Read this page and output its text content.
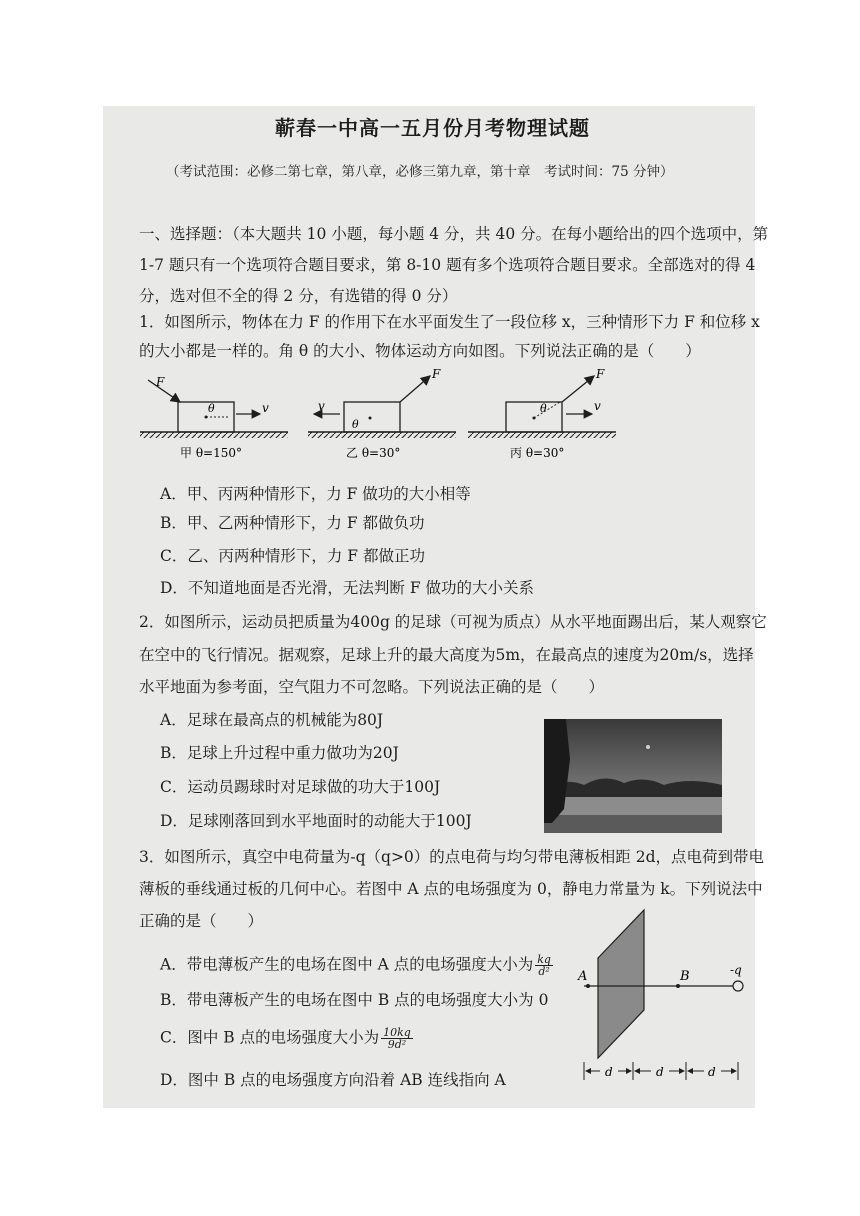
蕲春一中高一五月份月考物理试题
（考试范围：必修二第七章，第八章，必修三第九章，第十章　考试时间：75 分钟）
一、选择题：（本大题共 10 小题，每小题 4 分，共 40 分。在每小题给出的四个选项中，第
1-7 题只有一个选项符合题目要求，第 8-10 题有多个选项符合题目要求。全部选对的得 4
分，选对但不全的得 2 分，有选错的得 0 分）
1．如图所示，物体在力 F 的作用下在水平面发生了一段位移 x，三种情形下力 F 和位移 x
的大小都是一样的。角 θ 的大小、物体运动方向如图。下列说法正确的是（　　）
F
θ	v
甲 θ=150°
F
θ
v
乙 θ=30°
F
θ	v
丙 θ=30°
A．甲、丙两种情形下，力 F 做功的大小相等
B．甲、乙两种情形下，力 F 都做负功
C．乙、丙两种情形下，力 F 都做正功
D．不知道地面是否光滑，无法判断 F 做功的大小关系
2．如图所示，运动员把质量为400g 的足球（可视为质点）从水平地面踢出后，某人观察它
在空中的飞行情况。据观察，足球上升的最大高度为5m，在最高点的速度为20m/s，选择
水平地面为参考面，空气阻力不可忽略。下列说法正确的是（　　）
A．足球在最高点的机械能为80J
B．足球上升过程中重力做功为20J
C．运动员踢球时对足球做的功大于100J
D．足球刚落回到水平地面时的动能大于100J
3．如图所示，真空中电荷量为-q（q>0）的点电荷与均匀带电薄板相距 2d，点电荷到带电
薄板的垂线通过板的几何中心。若图中 A 点的电场强度为 0，静电力常量为 k。下列说法中
正确的是（　　）
A．带电薄板产生的电场在图中 A 点的电场强度大小为 $\frac{kq}{\text{d²}}$
B．带电薄板产生的电场在图中 B 点的电场强度大小为 0
C．图中 B 点的电场强度大小为 $\frac{10kq}{\text{9d²}}$
D．图中 B 点的电场强度方向沿着 AB 连线指向 A
A	B	-q
d	d	d
